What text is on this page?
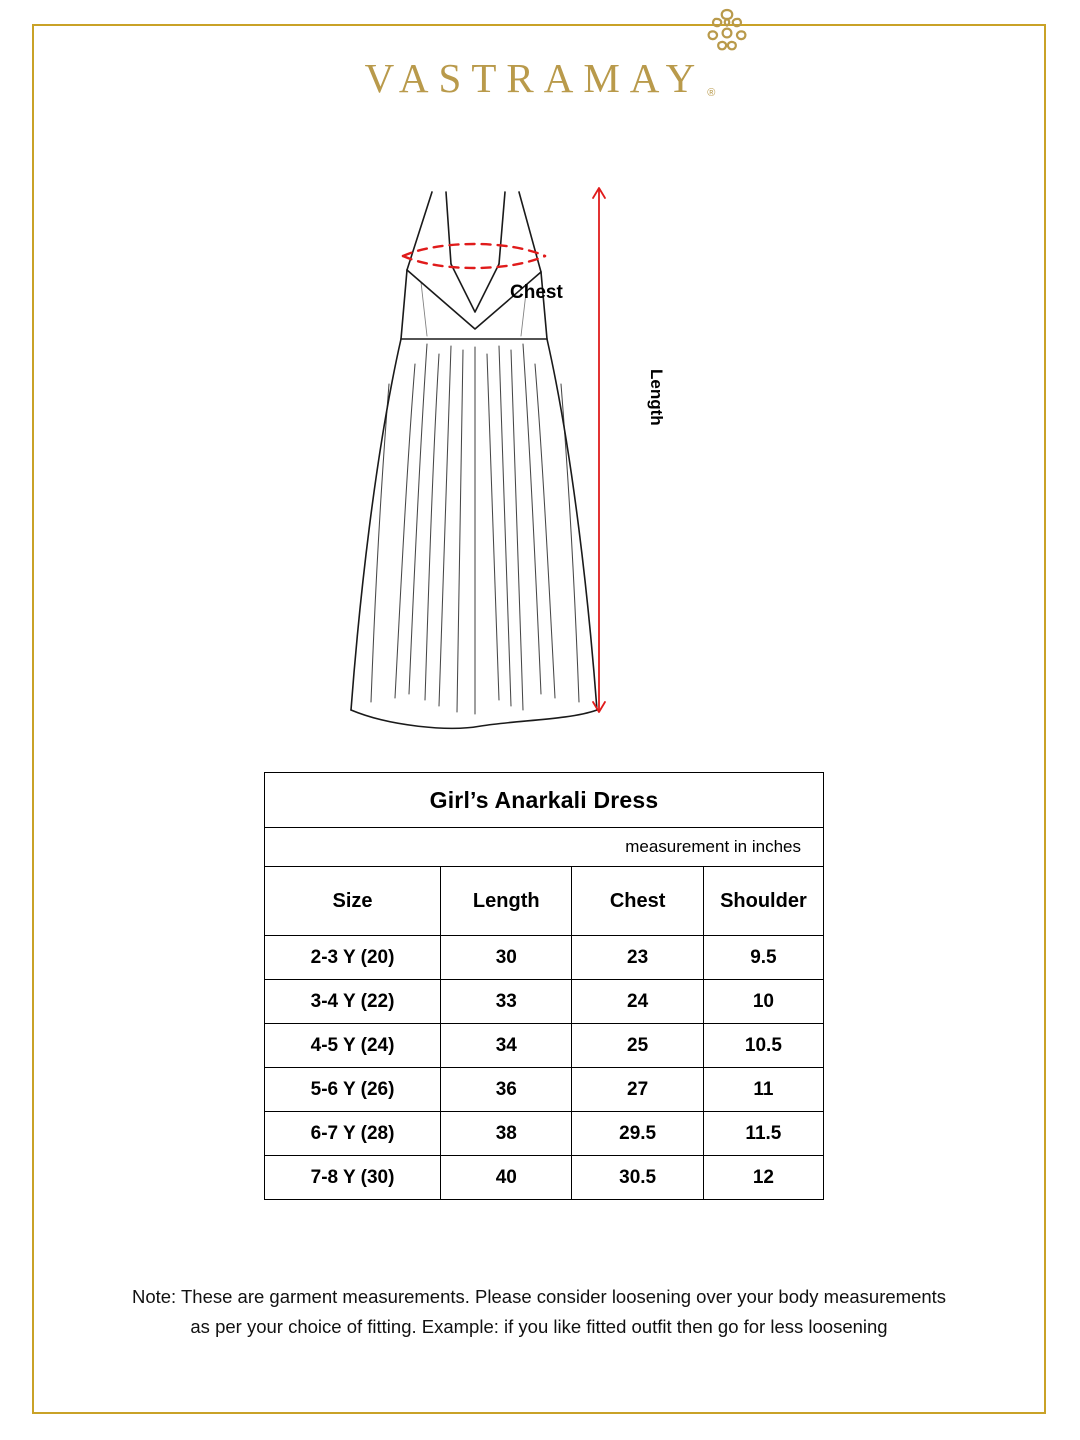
VASTRAMAY ®
Chest
Length
Girl’s Anarkali Dress			
measurement in inches			
Size	Length	Chest	Shoulder
2-3 Y (20)	30	23	9.5
3-4 Y (22)	33	24	10
4-5 Y (24)	34	25	10.5
5-6 Y (26)	36	27	11
6-7 Y (28)	38	29.5	11.5
7-8 Y (30)	40	30.5	12
Note: These are garment measurements. Please consider loosening over your body measurements
as per your choice of fitting. Example: if you like fitted outfit then go for less loosening
